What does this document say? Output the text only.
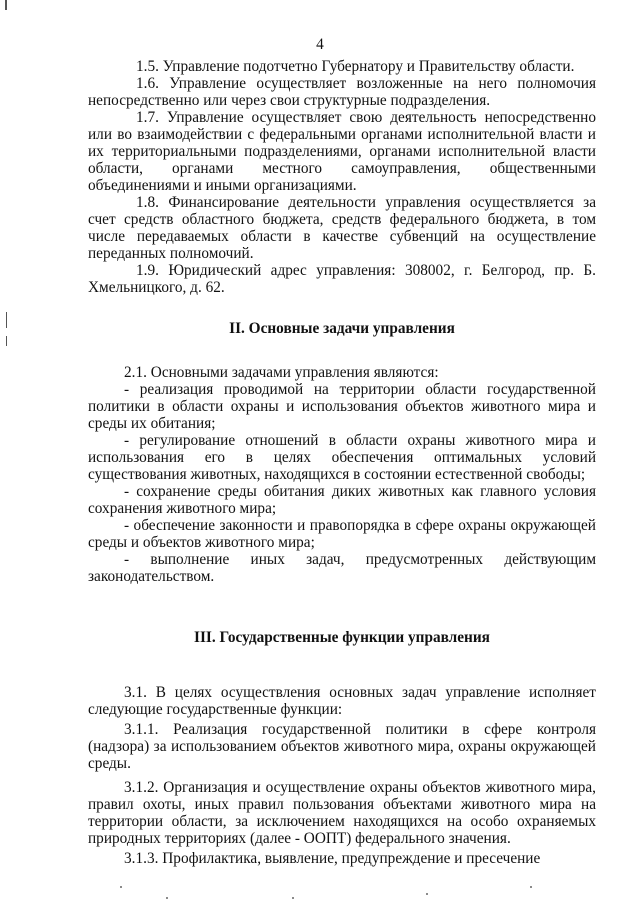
4

1.5. Управление подотчетно Губернатору и Правительству области.

1.6. Управление осуществляет возложенные на него полномочия непосредственно или через свои структурные подразделения.

1.7. Управление осуществляет свою деятельность непосредственно или во взаимодействии с федеральными органами исполнительной власти и их территориальными подразделениями, органами исполнительной власти области, органами местного самоуправления, общественными объединениями и иными организациями.

1.8. Финансирование деятельности управления осуществляется за счет средств областного бюджета, средств федерального бюджета, в том числе передаваемых области в качестве субвенций на осуществление переданных полномочий.

1.9. Юридический адрес управления: 308002, г. Белгород, пр. Б. Хмельницкого, д. 62.

II. Основные задачи управления

2.1. Основными задачами управления являются:

- реализация проводимой на территории области государственной политики в области охраны и использования объектов животного мира и среды их обитания;

- регулирование отношений в области охраны животного мира и использования его в целях обеспечения оптимальных условий существования животных, находящихся в состоянии естественной свободы;

- сохранение среды обитания диких животных как главного условия сохранения животного мира;

- обеспечение законности и правопорядка в сфере охраны окружающей среды и объектов животного мира;

- выполнение иных задач, предусмотренных действующим законодательством.

III. Государственные функции управления

3.1. В целях осуществления основных задач управление исполняет следующие государственные функции:

3.1.1. Реализация государственной политики в сфере контроля (надзора) за использованием объектов животного мира, охраны окружающей среды.

3.1.2. Организация и осуществление охраны объектов животного мира, правил охоты, иных правил пользования объектами животного мира на территории области, за исключением находящихся на особо охраняемых природных территориях (далее - ООПТ) федерального значения.

3.1.3. Профилактика, выявление, предупреждение и пресечение
